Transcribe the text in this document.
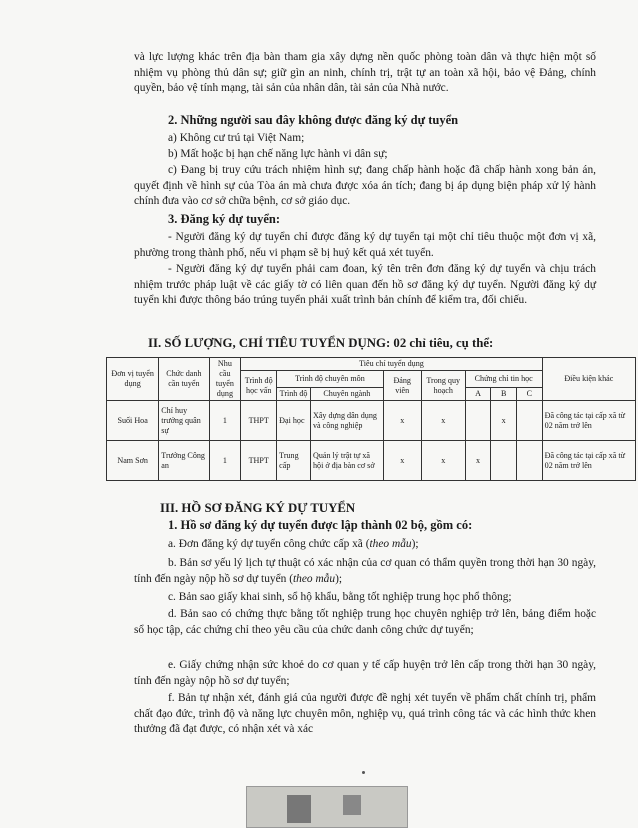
và lực lượng khác trên địa bàn tham gia xây dựng nền quốc phòng toàn dân và thực hiện một số nhiệm vụ phòng thủ dân sự; giữ gìn an ninh, chính trị, trật tự an toàn xã hội, bảo vệ Đảng, chính quyền, bảo vệ tính mạng, tài sản của nhân dân, tài sản của Nhà nước.

2. Những người sau đây không được đăng ký dự tuyển

a) Không cư trú tại Việt Nam;

b) Mất hoặc bị hạn chế năng lực hành vi dân sự;

c) Đang bị truy cứu trách nhiệm hình sự; đang chấp hành hoặc đã chấp hành xong bản án, quyết định về hình sự của Tòa án mà chưa được xóa án tích; đang bị áp dụng biện pháp xử lý hành chính đưa vào cơ sở chữa bệnh, cơ sở giáo dục.

3. Đăng ký dự tuyển:

- Người đăng ký dự tuyển chỉ được đăng ký dự tuyển tại một chỉ tiêu thuộc một đơn vị xã, phường trong thành phố, nếu vi phạm sẽ bị huỷ kết quả xét tuyển.

- Người đăng ký dự tuyển phải cam đoan, ký tên trên đơn đăng ký dự tuyển và chịu trách nhiệm trước pháp luật về các giấy tờ có liên quan đến hồ sơ đăng ký dự tuyển. Người đăng ký dự tuyển khi được thông báo trúng tuyển phải xuất trình bản chính để kiểm tra, đối chiếu.

II. SỐ LƯỢNG, CHỈ TIÊU TUYỂN DỤNG: 02 chỉ tiêu, cụ thể:

Đơn vị tuyển dụng	Chức danh cần tuyển	Nhu cầu tuyển dụng	Tiêu chí tuyển dụng								Điều kiện khác
			Trình độ học vấn	Trình độ chuyên môn		Đảng viên	Trong quy hoạch	Chứng chỉ tin học			
				Trình độ	Chuyên ngành			A	B	C	
Suối Hoa	Chỉ huy trưởng quân sự	1	THPT	Đại học	Xây dựng dân dụng và công nghiệp	x	x		x		Đã công tác tại cấp xã từ 02 năm trở lên
Nam Sơn	Trưởng Công an	1	THPT	Trung cấp	Quản lý trật tự xã hội ở địa bàn cơ sở	x	x	x			Đã công tác tại cấp xã từ 02 năm trở lên

III. HỒ SƠ ĐĂNG KÝ DỰ TUYỂN

1. Hồ sơ đăng ký dự tuyển được lập thành 02 bộ, gồm có:

a. Đơn đăng ký dự tuyển công chức cấp xã (theo mẫu);

b. Bản sơ yếu lý lịch tự thuật có xác nhận của cơ quan có thẩm quyền trong thời hạn 30 ngày, tính đến ngày nộp hồ sơ dự tuyển (theo mẫu);

c. Bản sao giấy khai sinh, sổ hộ khẩu, bằng tốt nghiệp trung học phổ thông;

d. Bản sao có chứng thực bằng tốt nghiệp trung học chuyên nghiệp trở lên, bảng điểm hoặc sổ học tập, các chứng chỉ theo yêu cầu của chức danh công chức dự tuyển;

e. Giấy chứng nhận sức khoẻ do cơ quan y tế cấp huyện trở lên cấp trong thời hạn 30 ngày, tính đến ngày nộp hồ sơ dự tuyển;

f. Bản tự nhận xét, đánh giá của người được đề nghị xét tuyển về phẩm chất chính trị, phẩm chất đạo đức, trình độ và năng lực chuyên môn, nghiệp vụ, quá trình công tác và các hình thức khen thưởng đã đạt được, có nhận xét và xác
